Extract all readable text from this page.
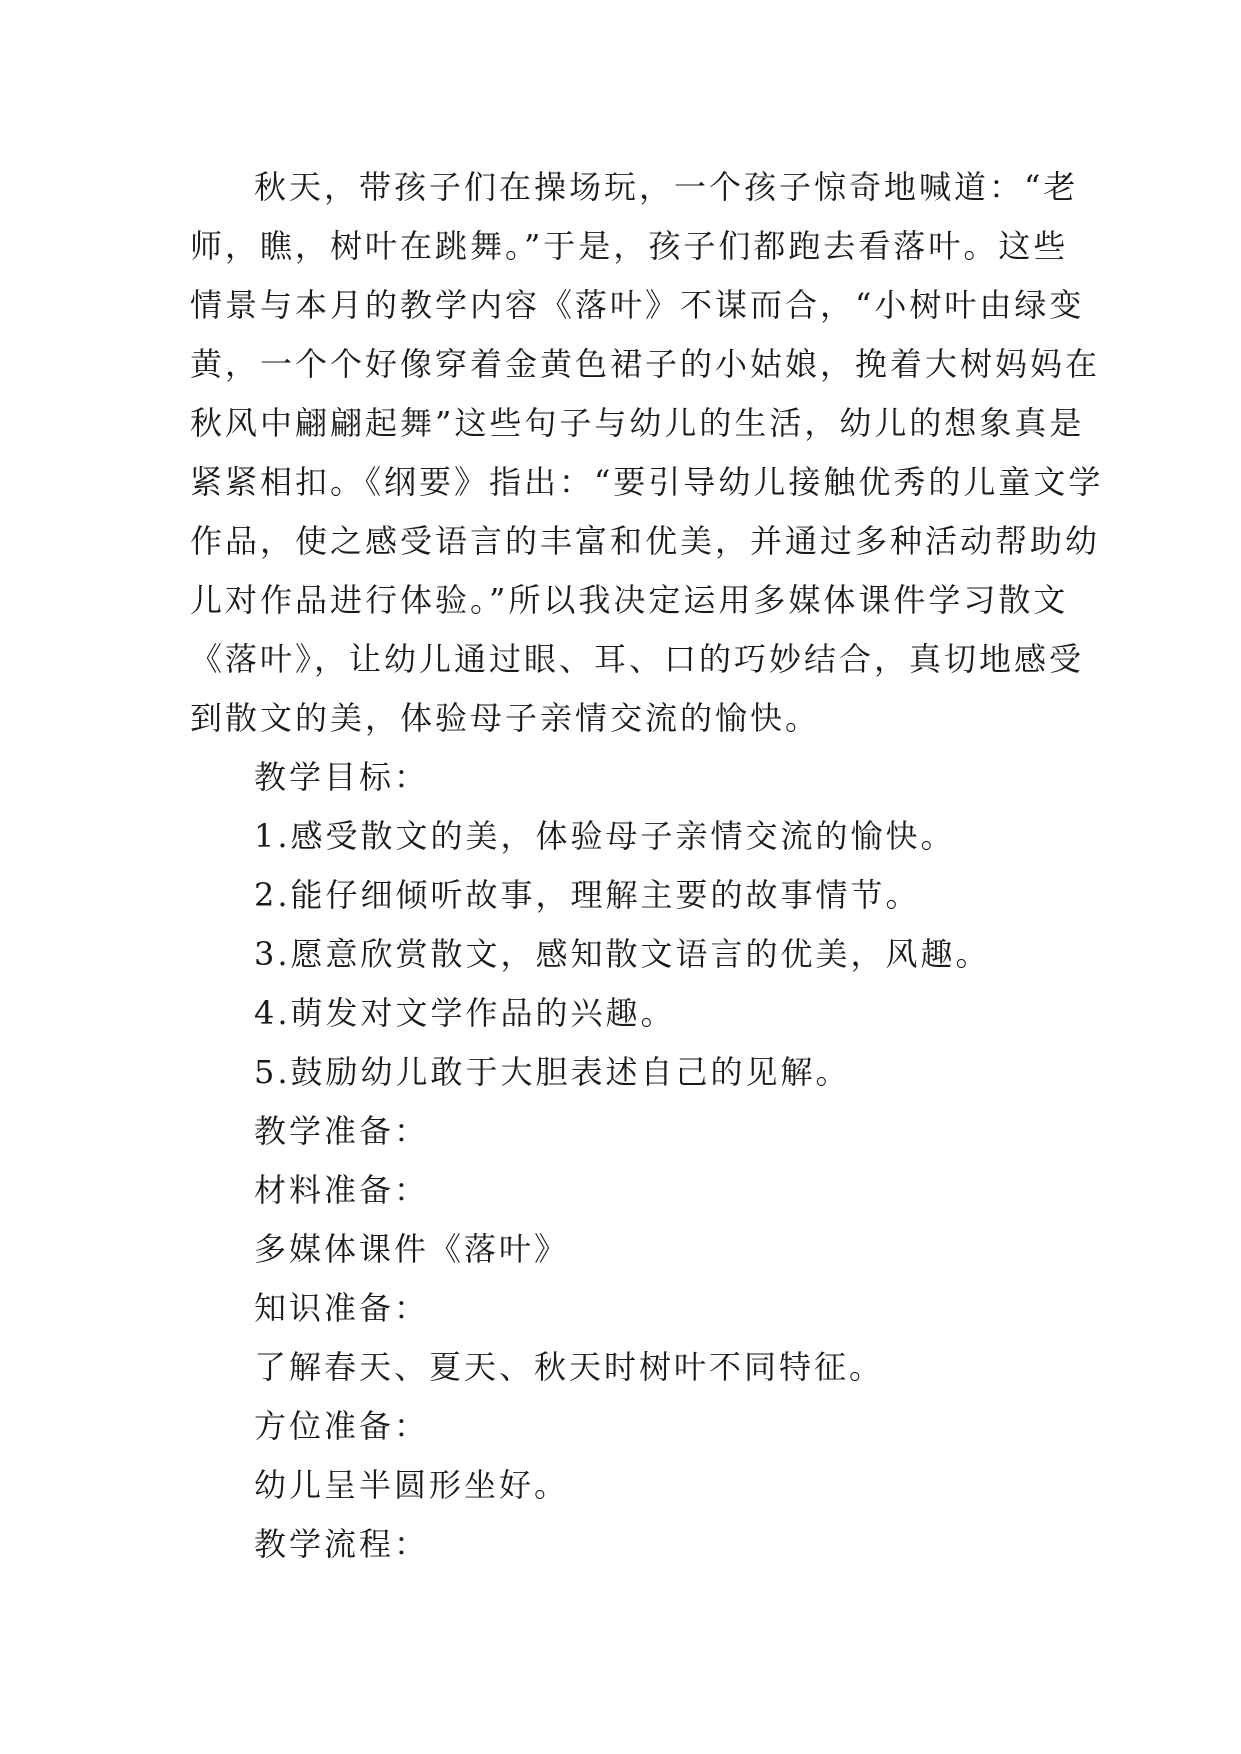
秋天，带孩子们在操场玩，一个孩子惊奇地喊道：“老
师，瞧，树叶在跳舞。”于是，孩子们都跑去看落叶。这些
情景与本月的教学内容《落叶》不谋而合，“小树叶由绿变
黄，一个个好像穿着金黄色裙子的小姑娘，挽着大树妈妈在
秋风中翩翩起舞”这些句子与幼儿的生活，幼儿的想象真是
紧紧相扣。《纲要》指出：“要引导幼儿接触优秀的儿童文学
作品，使之感受语言的丰富和优美，并通过多种活动帮助幼
儿对作品进行体验。”所以我决定运用多媒体课件学习散文
《落叶》，让幼儿通过眼、耳、口的巧妙结合，真切地感受
到散文的美，体验母子亲情交流的愉快。

教学目标：

1.感受散文的美，体验母子亲情交流的愉快。

2.能仔细倾听故事，理解主要的故事情节。

3.愿意欣赏散文，感知散文语言的优美，风趣。

4.萌发对文学作品的兴趣。

5.鼓励幼儿敢于大胆表述自己的见解。

教学准备：

材料准备：

多媒体课件《落叶》

知识准备：

了解春天、夏天、秋天时树叶不同特征。

方位准备：

幼儿呈半圆形坐好。

教学流程：
